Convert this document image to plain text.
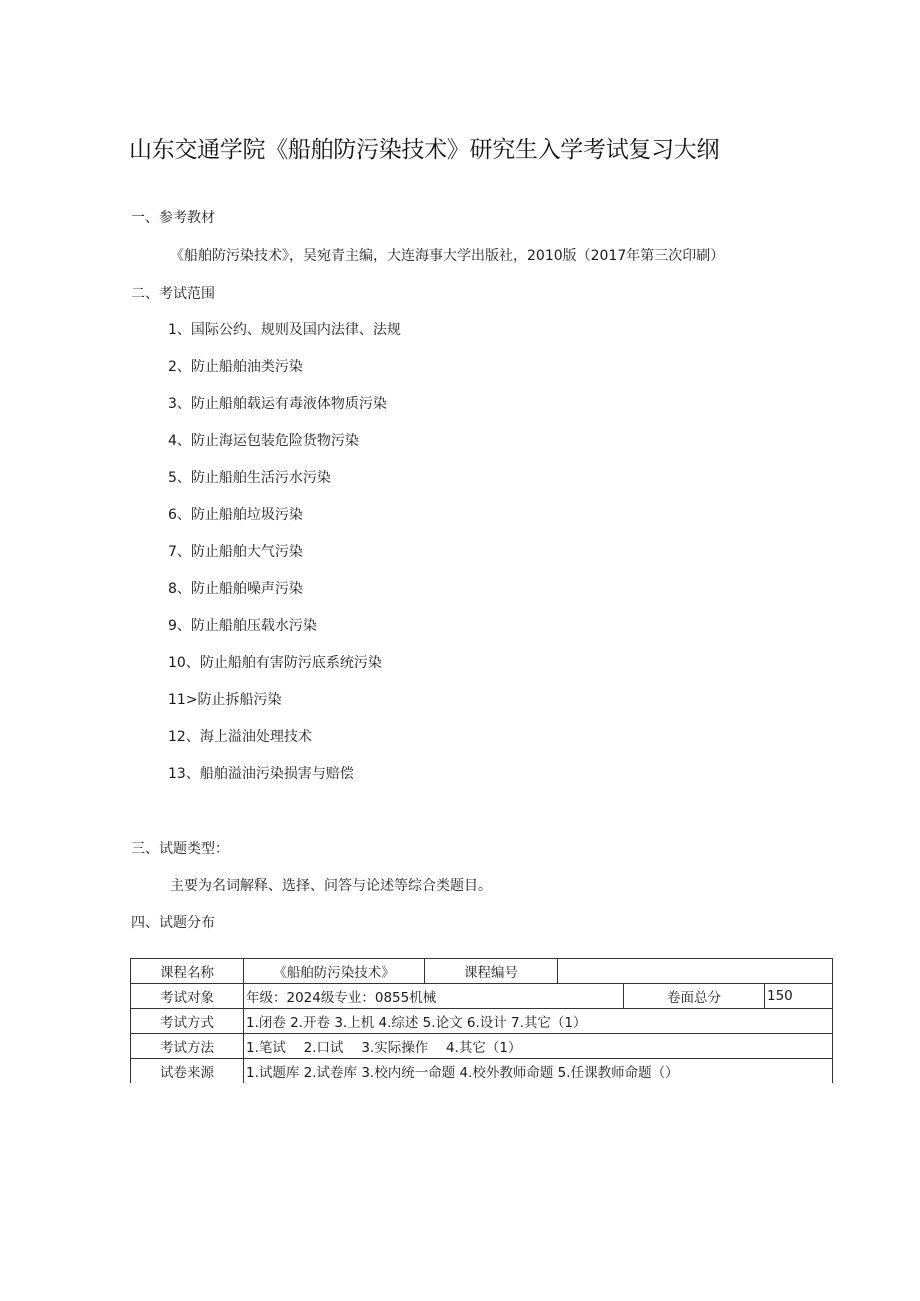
山东交通学院《船舶防污染技术》研究生入学考试复习大纲
一、参考教材
《船舶防污染技术》，吴宛青主编，大连海事大学出版社，2010版（2017年第三次印刷）
二、考试范围
1、国际公约、规则及国内法律、法规
2、防止船舶油类污染
3、防止船舶载运有毒液体物质污染
4、防止海运包装危险货物污染
5、防止船舶生活污水污染
6、防止船舶垃圾污染
7、防止船舶大气污染
8、防止船舶噪声污染
9、防止船舶压载水污染
10、防止船舶有害防污底系统污染
11>防止拆船污染
12、海上溢油处理技术
13、船舶溢油污染损害与赔偿
三、试题类型：
主要为名词解释、选择、问答与论述等综合类题目。
四、试题分布
课程名称	《船舶防污染技术》	课程编号			
考试对象	年级：2024级专业：0855机械			卷面总分	150
考试方式	1.闭卷 2.开卷 3.上机 4.综述 5.论文 6.设计 7.其它（1）				
考试方法	1.笔试　 2.口试　 3.实际操作　 4.其它（1）				
试卷来源	1.试题库 2.试卷库 3.校内统一命题 4.校外教师命题 5.任课教师命题（）				
